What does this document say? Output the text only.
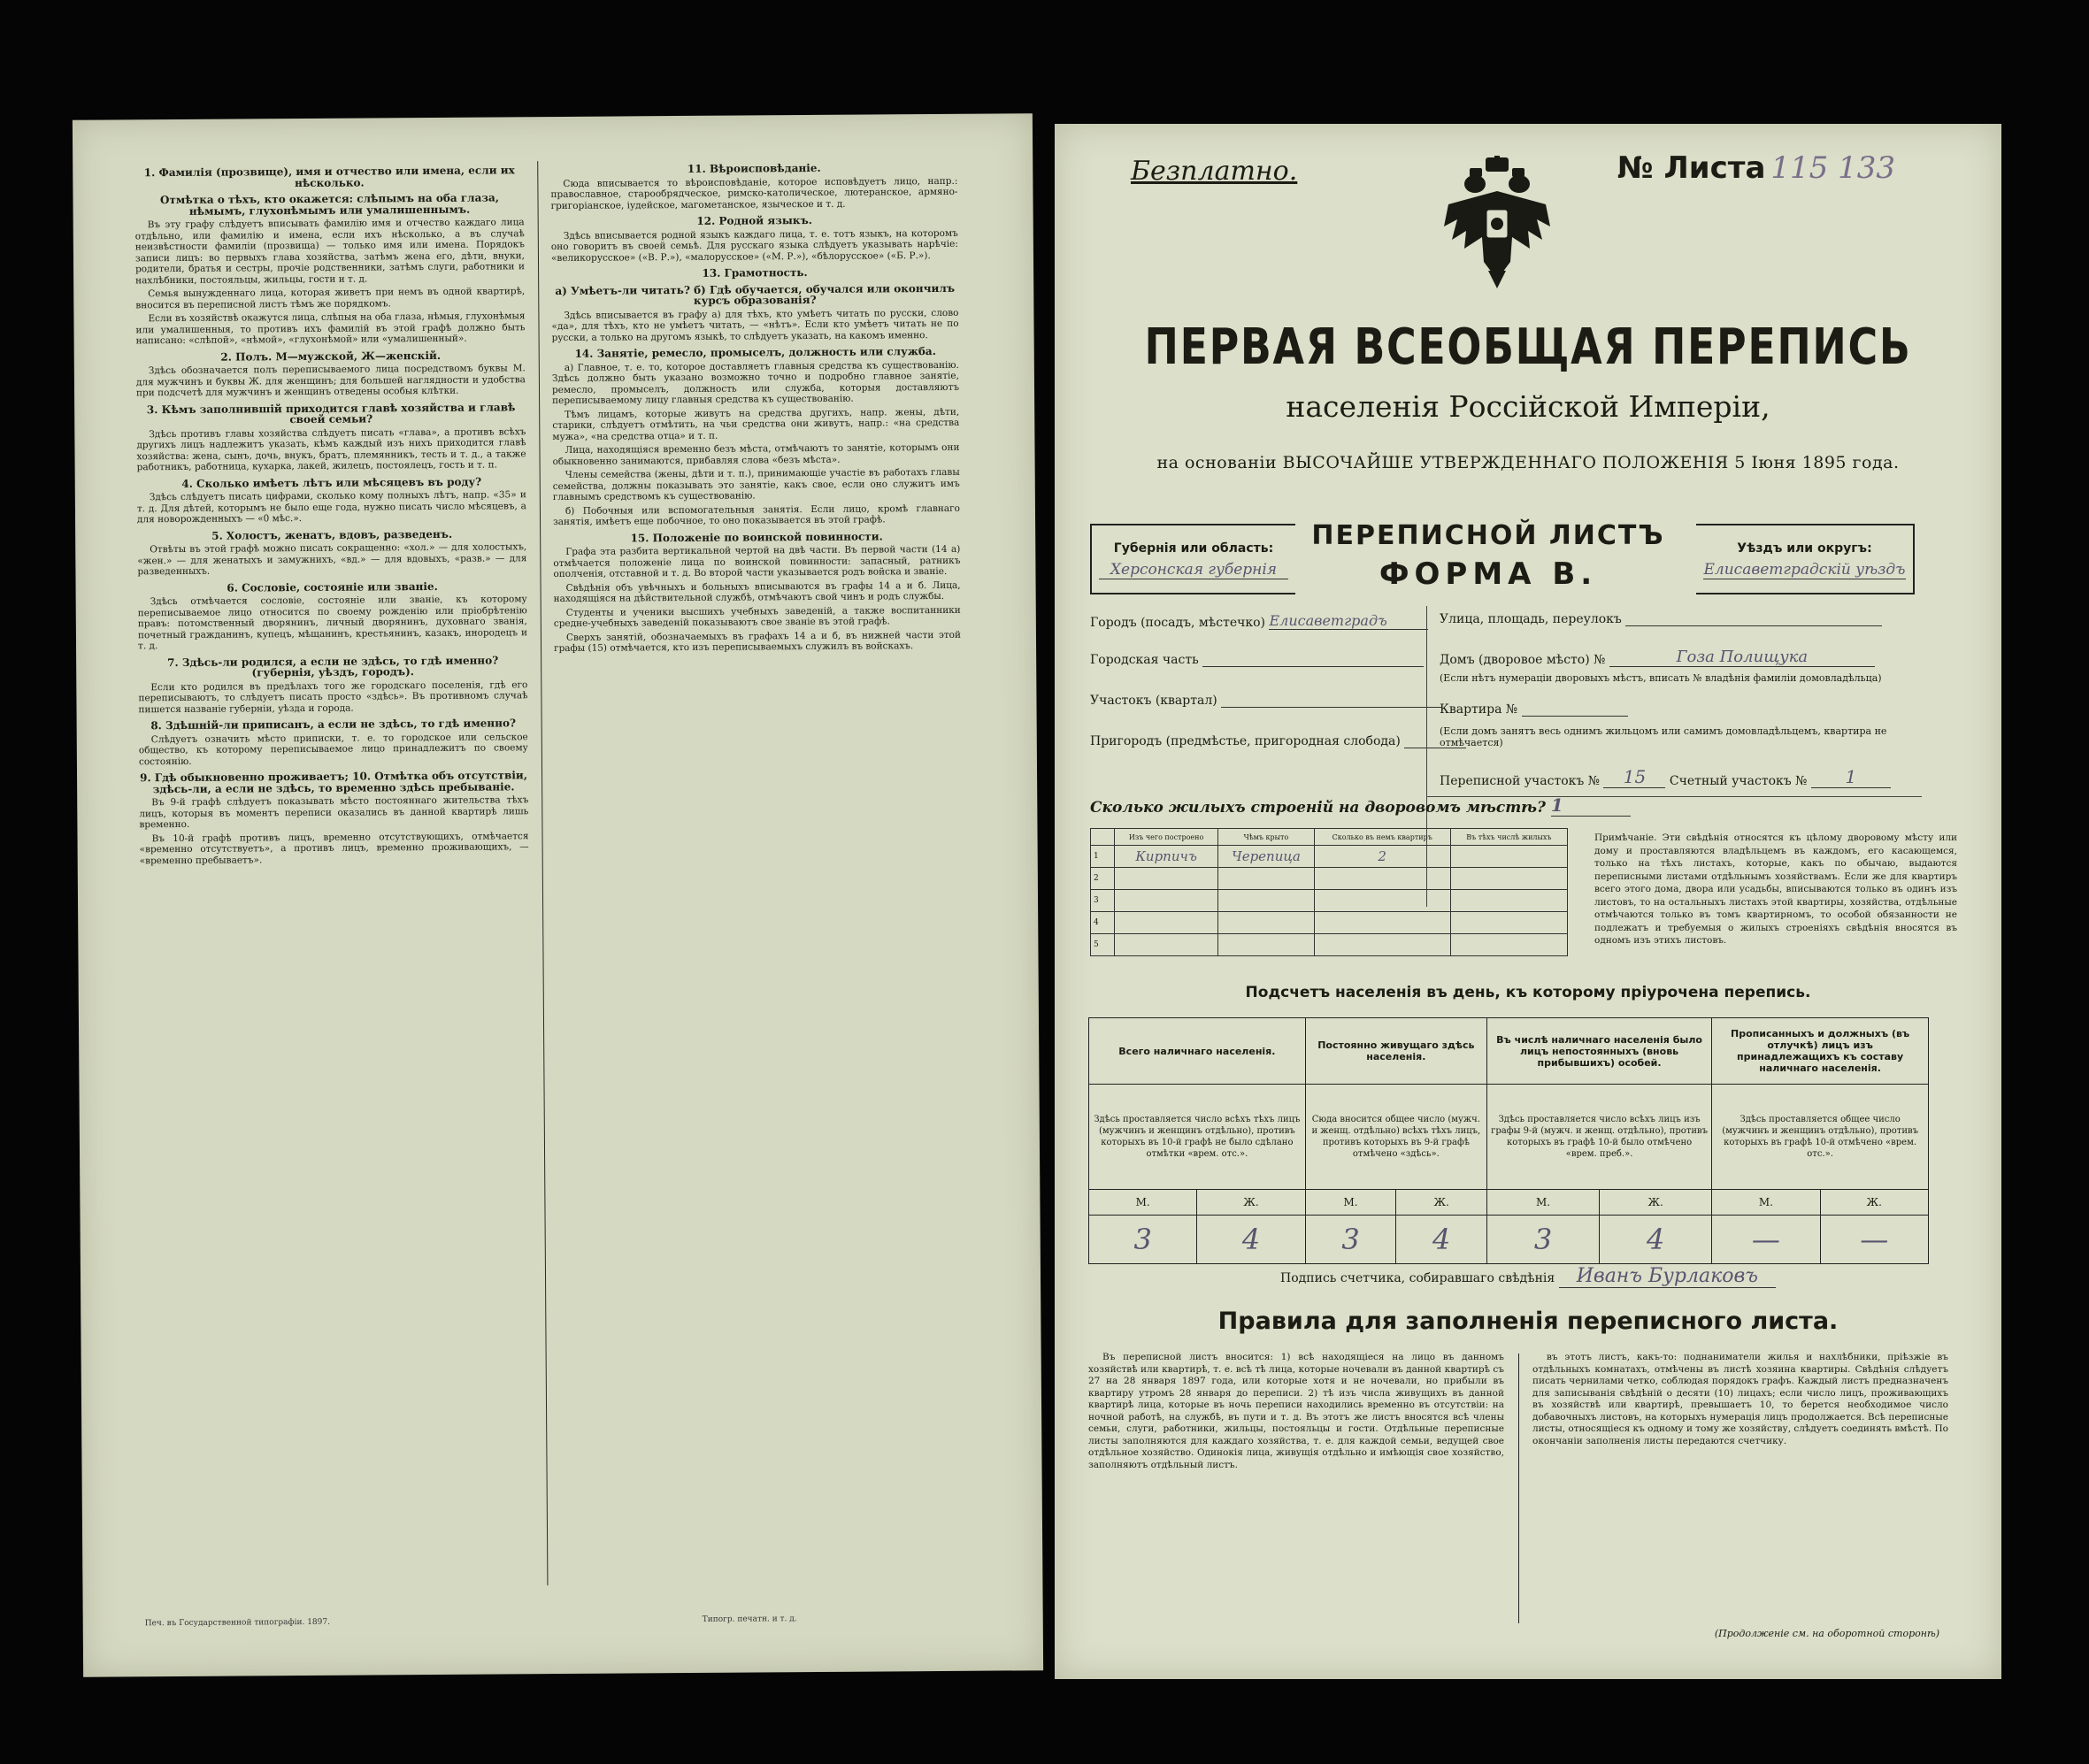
1. Фамилія (прозвище), имя и отчество или имена, если их нѣсколько.
Отмѣтка о тѣхъ, кто окажется: слѣпымъ на оба глаза, нѣмымъ, глухонѣмымъ или умалишеннымъ.

Въ эту графу слѣдуетъ вписывать фамилію имя и отчество каждаго лица отдѣльно, или фамилію и имена, если ихъ нѣсколько, а въ случаѣ неизвѣстности фамиліи (прозвища) — только имя или имена. Порядокъ записи лицъ: во первыхъ глава хозяйства, затѣмъ жена его, дѣти, внуки, родители, братья и сестры, прочіе родственники, затѣмъ слуги, работники и нахлѣбники, постояльцы, жильцы, гости и т. д.

Семья вынужденнаго лица, которая живетъ при немъ въ одной квартирѣ, вносится въ переписной листъ тѣмъ же порядкомъ.

Если въ хозяйствѣ окажутся лица, слѣпыя на оба глаза, нѣмыя, глухонѣмыя или умалишенныя, то противъ ихъ фамилій въ этой графѣ должно быть написано: «слѣпой», «нѣмой», «глухонѣмой» или «умалишенный».

2. Полъ. М—мужской, Ж—женскій.

Здѣсь обозначается полъ переписываемого лица посредствомъ буквы М. для мужчинъ и буквы Ж. для женщинъ; для большей наглядности и удобства при подсчетѣ для мужчинъ и женщинъ отведены особыя клѣтки.

3. Кѣмъ заполнившій приходится главѣ хозяйства и главѣ своей семьи?

Здѣсь противъ главы хозяйства слѣдуетъ писать «глава», а противъ всѣхъ другихъ лицъ надлежитъ указать, кѣмъ каждый изъ нихъ приходится главѣ хозяйства: жена, сынъ, дочь, внукъ, братъ, племянникъ, тесть и т. д., а также работникъ, работница, кухарка, лакей, жилецъ, постоялецъ, гость и т. п.

4. Сколько имѣетъ лѣтъ или мѣсяцевъ въ роду?

Здѣсь слѣдуетъ писать цифрами, сколько кому полныхъ лѣтъ, напр. «35» и т. д. Для дѣтей, которымъ не было еще года, нужно писать число мѣсяцевъ, а для новорожденныхъ — «0 мѣс.».

5. Холостъ, женатъ, вдовъ, разведенъ.

Отвѣты въ этой графѣ можно писать сокращенно: «хол.» — для холостыхъ, «жен.» — для женатыхъ и замужнихъ, «вд.» — для вдовыхъ, «разв.» — для разведенныхъ.

6. Сословіе, состояніе или званіе.

Здѣсь отмѣчается сословіе, состояніе или званіе, къ которому переписываемое лицо относится по своему рожденію или пріобрѣтенію правъ: потомственный дворянинъ, личный дворянинъ, духовнаго званія, почетный гражданинъ, купецъ, мѣщанинъ, крестьянинъ, казакъ, инородецъ и т. д.

7. Здѣсь-ли родился, а если не здѣсь, то гдѣ именно? (губернія, уѣздъ, городъ).

Если кто родился въ предѣлахъ того же городскаго поселенія, гдѣ его переписываютъ, то слѣдуетъ писать просто «здѣсь». Въ противномъ случаѣ пишется названіе губерніи, уѣзда и города.

8. Здѣшній-ли приписанъ, а если не здѣсь, то гдѣ именно?

Слѣдуетъ означить мѣсто приписки, т. е. то городское или сельское общество, къ которому переписываемое лицо принадлежитъ по своему состоянію.

9. Гдѣ обыкновенно проживаетъ; 10. Отмѣтка объ отсутствіи, здѣсь-ли, а если не здѣсь, то временно здѣсь пребываніе.

Въ 9-й графѣ слѣдуетъ показывать мѣсто постояннаго жительства тѣхъ лицъ, которыя въ моментъ переписи оказались въ данной квартирѣ лишь временно.

Въ 10-й графѣ противъ лицъ, временно отсутствующихъ, отмѣчается «временно отсутствуетъ», а противъ лицъ, временно проживающихъ, — «временно пребываетъ».

11. Вѣроисповѣданіе.

Сюда вписывается то вѣроисповѣданіе, которое исповѣдуетъ лицо, напр.: православное, старообрядческое, римско-католическое, лютеранское, армяно-григоріанское, іудейское, магометанское, языческое и т. д.

12. Родной языкъ.

Здѣсь вписывается родной языкъ каждаго лица, т. е. тотъ языкъ, на которомъ оно говоритъ въ своей семьѣ. Для русскаго языка слѣдуетъ указывать нарѣчіе: «великорусское» («В. Р.»), «малорусское» («М. Р.»), «бѣлорусское» («Б. Р.»).

13. Грамотность.
а) Умѣетъ-ли читать? б) Гдѣ обучается, обучался или окончилъ курсъ образованія?

Здѣсь вписывается въ графу а) для тѣхъ, кто умѣетъ читать по русски, слово «да», для тѣхъ, кто не умѣетъ читать, — «нѣтъ». Если кто умѣетъ читать не по русски, а только на другомъ языкѣ, то слѣдуетъ указать, на какомъ именно.

14. Занятіе, ремесло, промыселъ, должность или служба.

а) Главное, т. е. то, которое доставляетъ главныя средства къ существованію. Здѣсь должно быть указано возможно точно и подробно главное занятіе, ремесло, промыселъ, должность или служба, которыя доставляютъ переписываемому лицу главныя средства къ существованію.

Тѣмъ лицамъ, которые живутъ на средства другихъ, напр. жены, дѣти, старики, слѣдуетъ отмѣтить, на чьи средства они живутъ, напр.: «на средства мужа», «на средства отца» и т. п.

Лица, находящіяся временно безъ мѣста, отмѣчаютъ то занятіе, которымъ они обыкновенно занимаются, прибавляя слова «безъ мѣста».

Члены семейства (жены, дѣти и т. п.), принимающіе участіе въ работахъ главы семейства, должны показывать это занятіе, какъ свое, если оно служитъ имъ главнымъ средствомъ къ существованію.

б) Побочныя или вспомогательныя занятія. Если лицо, кромѣ главнаго занятія, имѣетъ еще побочное, то оно показывается въ этой графѣ.

15. Положеніе по воинской повинности.

Графа эта разбита вертикальной чертой на двѣ части. Въ первой части (14 а) отмѣчается положеніе лица по воинской повинности: запасный, ратникъ ополченія, отставной и т. д. Во второй части указывается родъ войска и званіе.

Свѣдѣнія объ увѣчныхъ и больныхъ вписываются въ графы 14 а и б. Лица, находящіяся на дѣйствительной службѣ, отмѣчаютъ свой чинъ и родъ службы.

Студенты и ученики высшихъ учебныхъ заведеній, а также воспитанники средне-учебныхъ заведеній показываютъ свое званіе въ этой графѣ.

Сверхъ занятій, обозначаемыхъ въ графахъ 14 а и б, въ нижней части этой графы (15) отмѣчается, кто изъ переписываемыхъ служилъ въ войскахъ.

Печ. въ Государственной типографіи. 1897.	Типогр. печатн. и т. д.
Безплатно.	№ Листа 115 133
ПЕРВАЯ ВСЕОБЩАЯ ПЕРЕПИСЬ
населенія Россійской Имперіи,
на основаніи ВЫСОЧАЙШЕ УТВЕРЖДЕННАГО ПОЛОЖЕНІЯ 5 Іюня 1895 года.
Губернія или область:
Херсонская губернія
ПЕРЕПИСНОЙ ЛИСТЪ
ФОРМА В.
Уѣздъ или округъ:
Елисаветградскій уѣздъ
Городъ (посадъ, мѣстечко) Елисаветградъ
Городская часть
Участокъ (квартал)
Пригородъ (предмѣстье, пригородная слобода)
Улица, площадь, переулокъ
Домъ (дворовое мѣсто) №	Гоза Полищука
(Если нѣтъ нумераціи дворовыхъ мѣстъ, вписать № владѣнія фамиліи домовладѣльца)
Квартира №
(Если домъ занятъ весь однимъ жильцомъ или самимъ домовладѣльцемъ, квартира не отмѣчается)
Переписной участокъ № 15 Счетный участокъ № 1
Сколько жилыхъ строеній на дворовомъ мѣстѣ? 1
	Изъ чего построено	Чѣмъ крыто	Сколько въ немъ квартиръ	Въ тѣхъ числѣ жилыхъ
1	Кирпичъ	Черепица	2	
2				
3				
4				
5				
Примѣчаніе. Эти свѣдѣнія относятся къ цѣлому дворовому мѣсту или дому и проставляются владѣльцемъ въ каждомъ, его касающемся, только на тѣхъ листахъ, которые, какъ по обычаю, выдаются переписными листами отдѣльнымъ хозяйствамъ. Если же для квартиръ всего этого дома, двора или усадьбы, вписываются только въ одинъ изъ листовъ, то на остальныхъ листахъ этой квартиры, хозяйства, отдѣльные отмѣчаются только въ томъ квартирномъ, то особой обязанности не подлежатъ и требуемыя о жилыхъ строеніяхъ свѣдѣнія вносятся въ одномъ изъ этихъ листовъ.
Подсчетъ населенія въ день, къ которому пріурочена перепись.
Всего наличнаго населенія.		Постоянно живущаго здѣсь населенія.		Въ числѣ наличнаго населенія было лицъ непостоянныхъ (вновь прибывшихъ) особей.		Прописанныхъ и должныхъ (въ отлучкѣ) лицъ изъ принадлежащихъ къ составу наличнаго населенія.	
Здѣсь проставляется число всѣхъ тѣхъ лицъ (мужчинъ и женщинъ отдѣльно), противъ которыхъ въ 10-й графѣ не было сдѣлано отмѣтки «врем. отс.».		Сюда вносится общее число (мужч. и женщ. отдѣльно) всѣхъ тѣхъ лицъ, противъ которыхъ въ 9-й графѣ отмѣчено «здѣсь».		Здѣсь проставляется число всѣхъ лицъ изъ графы 9-й (мужч. и женщ. отдѣльно), противъ которыхъ въ графѣ 10-й было отмѣчено «врем. преб.».		Здѣсь проставляется общее число (мужчинъ и женщинъ отдѣльно), противъ которыхъ въ графѣ 10-й отмѣчено «врем. отс.».	
М.	Ж.	М.	Ж.	М.	Ж.	М.	Ж.
3	4	3	4	3	4	—	—
Подпись счетчика, собиравшаго свѣдѣнія Иванъ Бурлаковъ
Правила для заполненія переписного листа.

Въ переписной листъ вносится: 1) всѣ находящіеся на лицо въ данномъ хозяйствѣ или квартирѣ, т. е. всѣ тѣ лица, которые ночевали въ данной квартирѣ съ 27 на 28 января 1897 года, или которые хотя и не ночевали, но прибыли въ квартиру утромъ 28 января до переписи. 2) тѣ изъ числа живущихъ въ данной квартирѣ лица, которые въ ночь переписи находились временно въ отсутствіи: на ночной работѣ, на службѣ, въ пути и т. д. Въ этотъ же листъ вносятся всѣ члены семьи, слуги, работники, жильцы, постояльцы и гости. Отдѣльные переписные листы заполняются для каждаго хозяйства, т. е. для каждой семьи, ведущей свое отдѣльное хозяйство. Одинокія лица, живущія отдѣльно и имѣющія свое хозяйство, заполняютъ отдѣльный листъ.

въ этотъ листъ, какъ-то: поднаниматели жилья и нахлѣбники, пріѣзжіе въ отдѣльныхъ комнатахъ, отмѣчены въ листѣ хозяина квартиры. Свѣдѣнія слѣдуетъ писать чернилами четко, соблюдая порядокъ графъ. Каждый листъ предназначенъ для записыванія свѣдѣній о десяти (10) лицахъ; если число лицъ, проживающихъ въ хозяйствѣ или квартирѣ, превышаетъ 10, то берется необходимое число добавочныхъ листовъ, на которыхъ нумерація лицъ продолжается. Всѣ переписные листы, относящіеся къ одному и тому же хозяйству, слѣдуетъ соединять вмѣстѣ. По окончаніи заполненія листы передаются счетчику.

(Продолженіе см. на оборотной сторонѣ)
